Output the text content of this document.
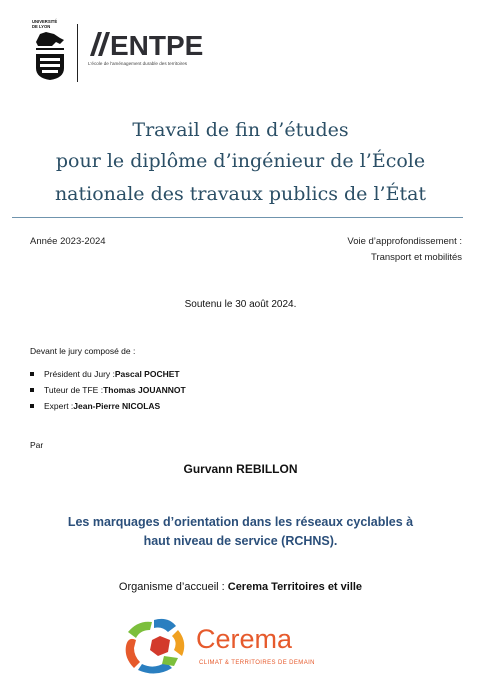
UNIVERSITÉ
DE LYON
ENTPE
L'école de l'aménagement durable des territoires
Travail de fin d’études
pour le diplôme d’ingénieur de l’École
nationale des travaux publics de l’État
Année 2023-2024	Voie d’approfondissement :
Transport et mobilités
Soutenu le 30 août 2024.
Devant le jury composé de :
Président du Jury : Pascal POCHET
Tuteur de TFE : Thomas JOUANNOT
Expert : Jean-Pierre NICOLAS
Par
Gurvann REBILLON
Les marquages d’orientation dans les réseaux cyclables à
haut niveau de service (RCHNS).
Organisme d’accueil : Cerema Territoires et ville
Cerema
CLIMAT & TERRITOIRES DE DEMAIN
